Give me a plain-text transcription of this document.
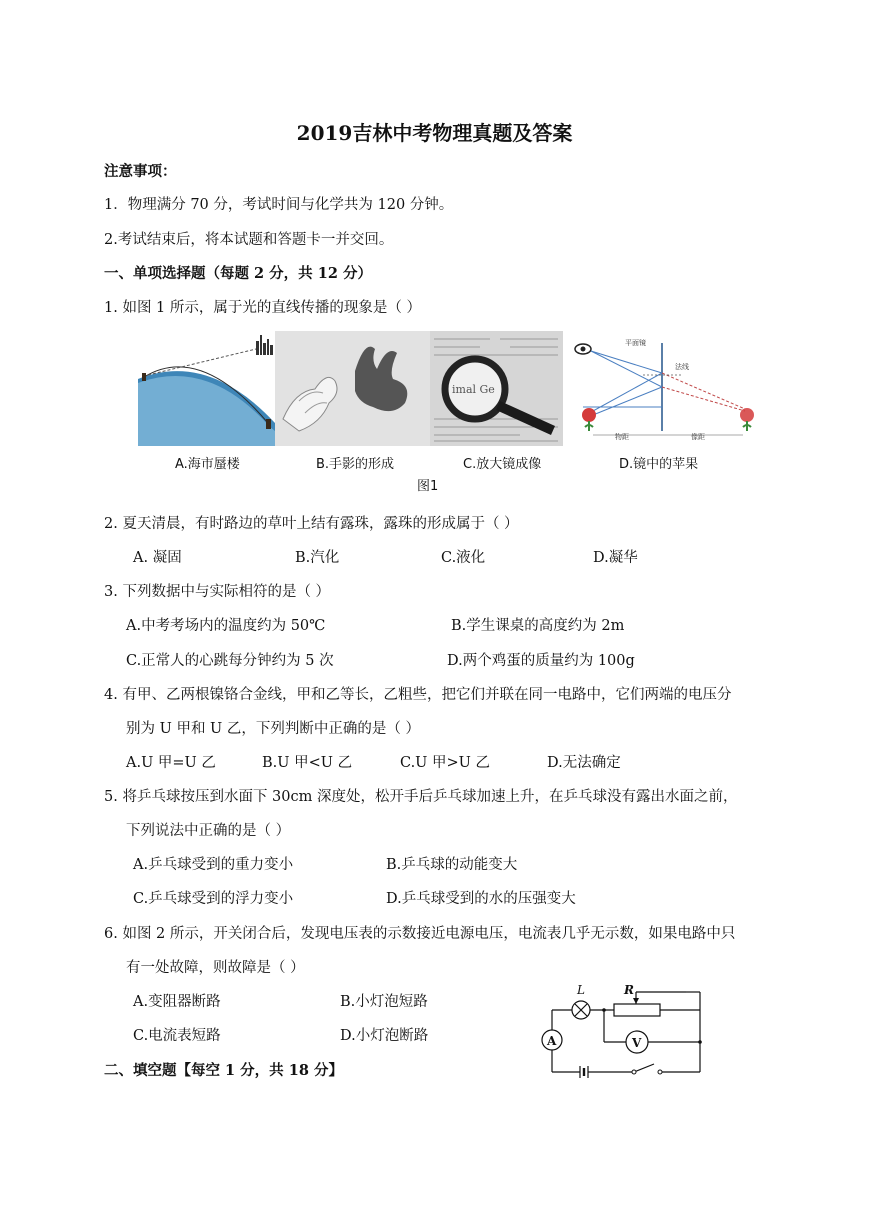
2019吉林中考物理真题及答案
注意事项：
1．物理满分 70 分，考试时间与化学共为 120 分钟。
2.考试结束后，将本试题和答题卡一并交回。
一、单项选择题（每题 2 分，共 12 分）
1. 如图 1 所示，属于光的直线传播的现象是（ ）
imal Ge
平面镜
法线
物距	像距
A.海市蜃楼	B.手影的形成	C.放大镜成像	D.镜中的苹果
图1
2. 夏天清晨，有时路边的草叶上结有露珠，露珠的形成属于（ ）
A. 凝固	B.汽化	C.液化	D.凝华
3. 下列数据中与实际相符的是（ ）
A.中考考场内的温度约为 50℃	B.学生课桌的高度约为 2m
C.正常人的心跳每分钟约为 5 次	D.两个鸡蛋的质量约为 100g
4. 有甲、乙两根镍铬合金线，甲和乙等长，乙粗些，把它们并联在同一电路中，它们两端的电压分
别为 U 甲和 U 乙，下列判断中正确的是（ ）
A.U 甲=U 乙	B.U 甲<U 乙	C.U 甲>U 乙	D.无法确定
5. 将乒乓球按压到水面下 30cm 深度处，松开手后乒乓球加速上升，在乒乓球没有露出水面之前，
下列说法中正确的是（ ）
A.乒乓球受到的重力变小	B.乒乓球的动能变大
C.乒乓球受到的浮力变小	D.乒乓球受到的水的压强变大
6. 如图 2 所示，开关闭合后，发现电压表的示数接近电源电压，电流表几乎无示数，如果电路中只
有一处故障，则故障是（ ）
A.变阻器断路	B.小灯泡短路
C.电流表短路	D.小灯泡断路	A	V
L	R
二、填空题【每空 1 分，共 18 分】
